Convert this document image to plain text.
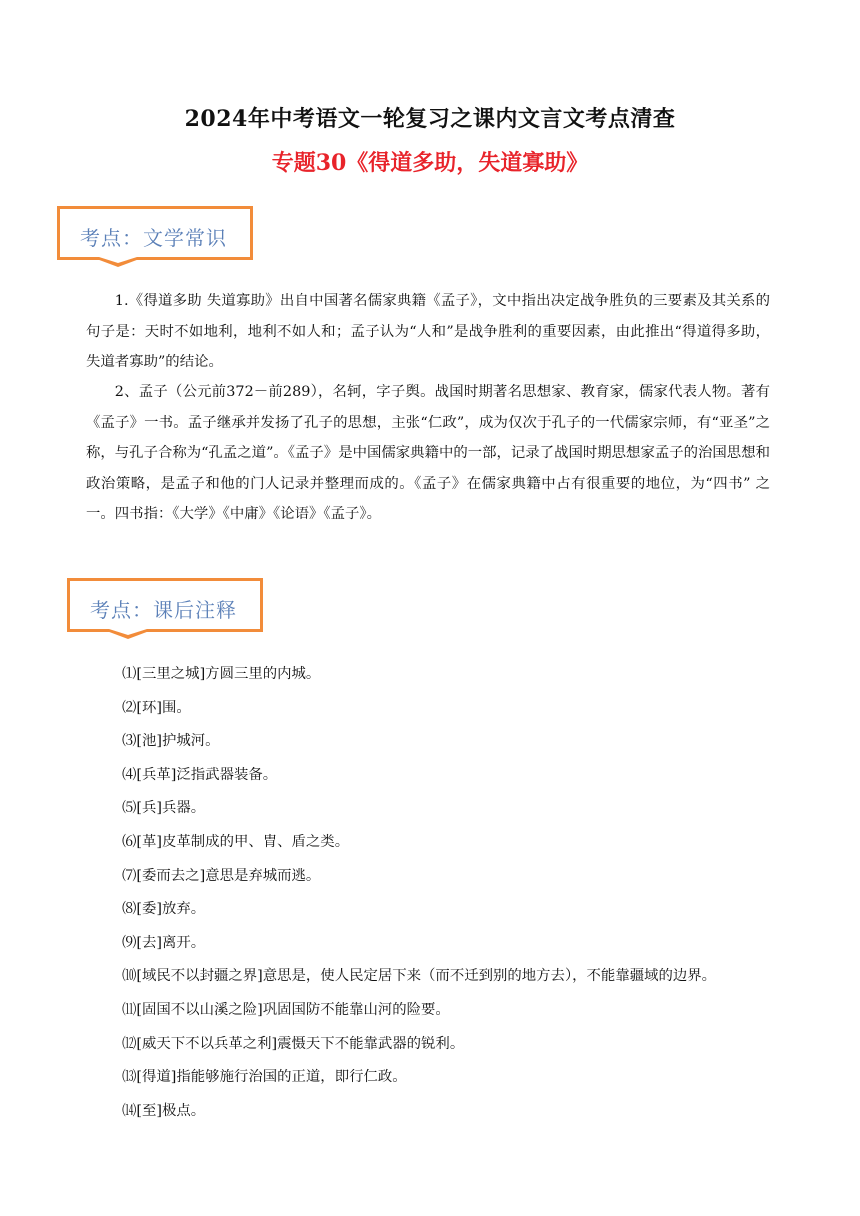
2024年中考语文一轮复习之课内文言文考点清查
专题30《得道多助，失道寡助》
考点：文学常识
1.《得道多助 失道寡助》出自中国著名儒家典籍《孟子》，文中指出决定战争胜负的三要素及其关系的句子是：天时不如地利，地利不如人和；孟子认为“人和”是战争胜利的重要因素，由此推出“得道得多助，失道者寡助”的结论。
2、孟子（公元前372－前289），名轲，字子舆。战国时期著名思想家、教育家，儒家代表人物。著有《孟子》一书。孟子继承并发扬了孔子的思想，主张“仁政”，成为仅次于孔子的一代儒家宗师，有“亚圣”之称，与孔子合称为“孔孟之道”。《孟子》是中国儒家典籍中的一部，记录了战国时期思想家孟子的治国思想和政治策略，是孟子和他的门人记录并整理而成的。《孟子》在儒家典籍中占有很重要的地位，为“四书” 之一。四书指：《大学》《中庸》《论语》《孟子》。
考点：课后注释
⑴[三里之城]方圆三里的内城。
⑵[环]围。
⑶[池]护城河。
⑷[兵革]泛指武器装备。
⑸[兵]兵器。
⑹[革]皮革制成的甲、胄、盾之类。
⑺[委而去之]意思是弃城而逃。
⑻[委]放弃。
⑼[去]离开。
⑽[域民不以封疆之界]意思是，使人民定居下来（而不迁到别的地方去），不能靠疆域的边界。
⑾[固国不以山溪之险]巩固国防不能靠山河的险要。
⑿[威天下不以兵革之利]震慑天下不能靠武器的锐利。
⒀[得道]指能够施行治国的正道，即行仁政。
⒁[至]极点。
